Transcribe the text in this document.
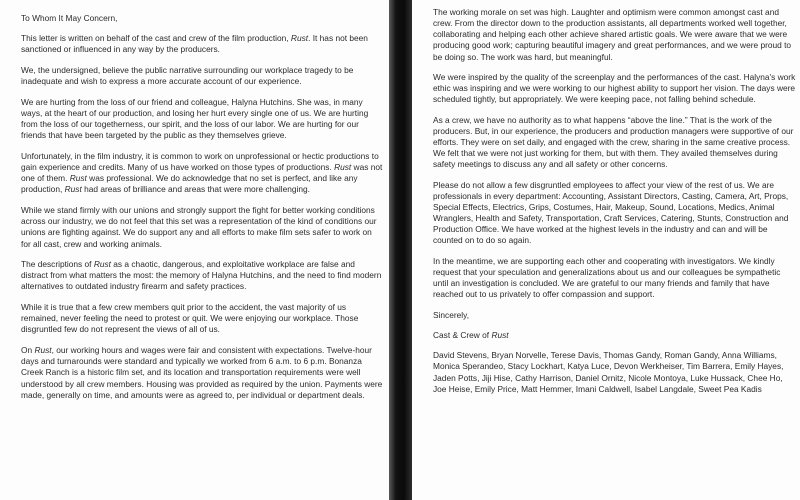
To Whom It May Concern,

This letter is written on behalf of the cast and crew of the film production, Rust. It has not been sanctioned or influenced in any way by the producers.

We, the undersigned, believe the public narrative surrounding our workplace tragedy to be inadequate and wish to express a more accurate account of our experience.

We are hurting from the loss of our friend and colleague, Halyna Hutchins. She was, in many ways, at the heart of our production, and losing her hurt every single one of us. We are hurting from the loss of our togetherness, our spirit, and the loss of our labor. We are hurting for our friends that have been targeted by the public as they themselves grieve.

Unfortunately, in the film industry, it is common to work on unprofessional or hectic productions to gain experience and credits. Many of us have worked on those types of productions. Rust was not one of them. Rust was professional. We do acknowledge that no set is perfect, and like any production, Rust had areas of brilliance and areas that were more challenging.

While we stand firmly with our unions and strongly support the fight for better working conditions across our industry, we do not feel that this set was a representation of the kind of conditions our unions are fighting against. We do support any and all efforts to make film sets safer to work on for all cast, crew and working animals.

The descriptions of Rust as a chaotic, dangerous, and exploitative workplace are false and distract from what matters the most: the memory of Halyna Hutchins, and the need to find modern alternatives to outdated industry firearm and safety practices.

While it is true that a few crew members quit prior to the accident, the vast majority of us remained, never feeling the need to protest or quit. We were enjoying our workplace. Those disgruntled few do not represent the views of all of us.

On Rust, our working hours and wages were fair and consistent with expectations. Twelve-hour days and turnarounds were standard and typically we worked from 6 a.m. to 6 p.m. Bonanza Creek Ranch is a historic film set, and its location and transportation requirements were well understood by all crew members. Housing was provided as required by the union. Payments were made, generally on time, and amounts were as agreed to, per individual or department deals.

The working morale on set was high. Laughter and optimism were common amongst cast and crew. From the director down to the production assistants, all departments worked well together, collaborating and helping each other achieve shared artistic goals. We were aware that we were producing good work; capturing beautiful imagery and great performances, and we were proud to be doing so. The work was hard, but meaningful.

We were inspired by the quality of the screenplay and the performances of the cast. Halyna's work ethic was inspiring and we were working to our highest ability to support her vision. The days were scheduled tightly, but appropriately. We were keeping pace, not falling behind schedule.

As a crew, we have no authority as to what happens “above the line.” That is the work of the producers. But, in our experience, the producers and production managers were supportive of our efforts. They were on set daily, and engaged with the crew, sharing in the same creative process. We felt that we were not just working for them, but with them. They availed themselves during safety meetings to discuss any and all safety or other concerns.

Please do not allow a few disgruntled employees to affect your view of the rest of us. We are professionals in every department: Accounting, Assistant Directors, Casting, Camera, Art, Props, Special Effects, Electrics, Grips, Costumes, Hair, Makeup, Sound, Locations, Medics, Animal Wranglers, Health and Safety, Transportation, Craft Services, Catering, Stunts, Construction and Production Office. We have worked at the highest levels in the industry and can and will be counted on to do so again.

In the meantime, we are supporting each other and cooperating with investigators. We kindly request that your speculation and generalizations about us and our colleagues be sympathetic until an investigation is concluded. We are grateful to our many friends and family that have reached out to us privately to offer compassion and support.

Sincerely,

Cast & Crew of Rust

David Stevens, Bryan Norvelle, Terese Davis, Thomas Gandy, Roman Gandy, Anna Williams, Monica Sperandeo, Stacy Lockhart, Katya Luce, Devon Werkheiser, Tim Barrera, Emily Hayes, Jaden Potts, Jiji Hise, Cathy Harrison, Daniel Ornitz, Nicole Montoya, Luke Hussack, Chee Ho, Joe Heise, Emily Price, Matt Hemmer, Imani Caldwell, Isabel Langdale, Sweet Pea Kadis
